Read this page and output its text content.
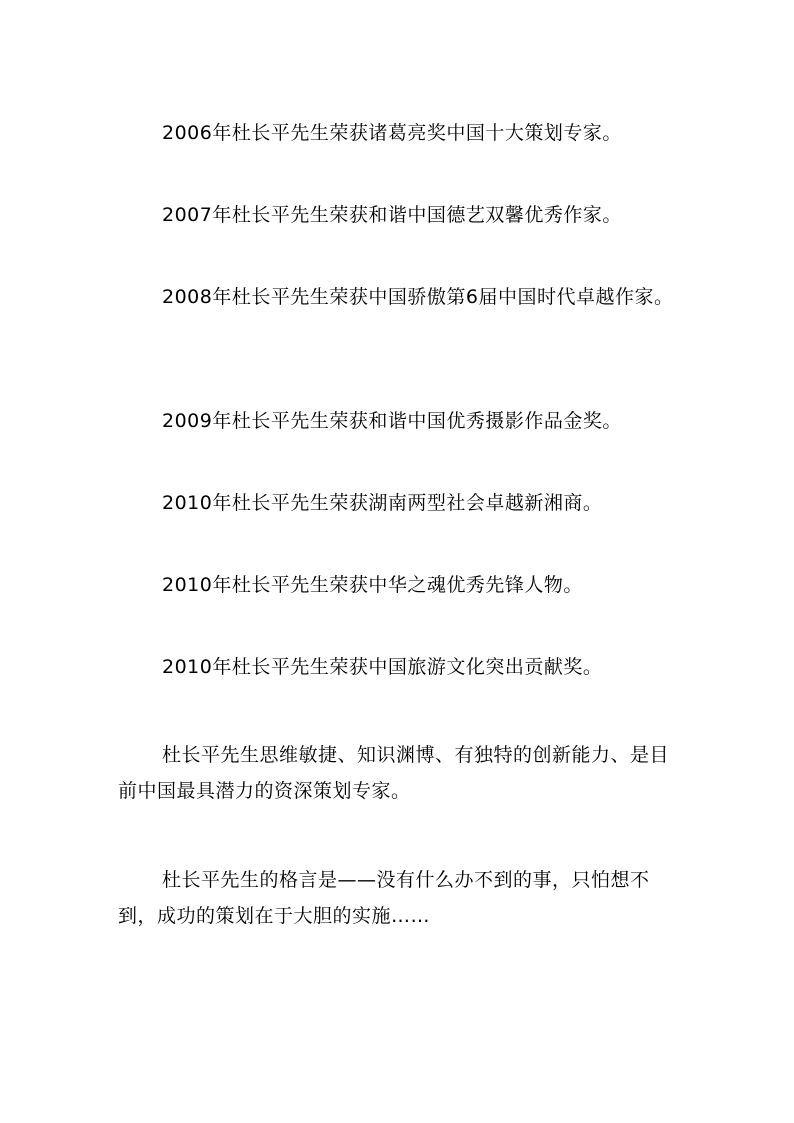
2006年杜长平先生荣获诸葛亮奖中国十大策划专家。

2007年杜长平先生荣获和谐中国德艺双馨优秀作家。

2008年杜长平先生荣获中国骄傲第6届中国时代卓越作家。

2009年杜长平先生荣获和谐中国优秀摄影作品金奖。

2010年杜长平先生荣获湖南两型社会卓越新湘商。

2010年杜长平先生荣获中华之魂优秀先锋人物。

2010年杜长平先生荣获中国旅游文化突出贡献奖。

杜长平先生思维敏捷、知识渊博、有独特的创新能力、是目前中国最具潜力的资深策划专家。

杜长平先生的格言是——没有什么办不到的事，只怕想不到，成功的策划在于大胆的实施……
